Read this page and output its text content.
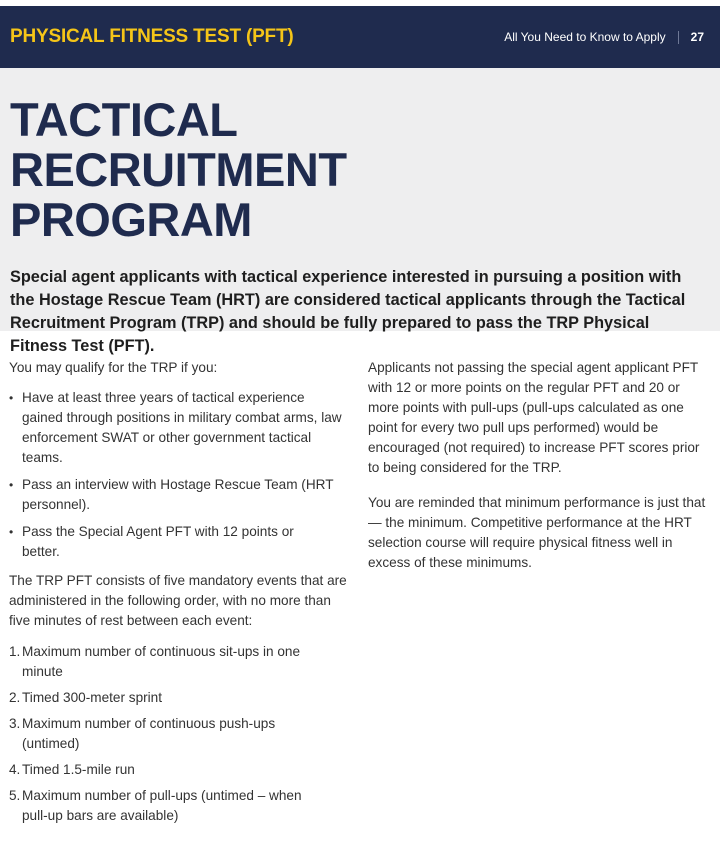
PHYSICAL FITNESS TEST (PFT)	All You Need to Know to Apply 27
TACTICAL RECRUITMENT PROGRAM

Special agent applicants with tactical experience interested in pursuing a position with the Hostage Rescue Team (HRT) are considered tactical applicants through the Tactical Recruitment Program (TRP) and should be fully prepared to pass the TRP Physical Fitness Test (PFT).

You may qualify for the TRP if you:

• Have at least three years of tactical experience gained through positions in military combat arms, law enforcement SWAT or other government tactical teams.
• Pass an interview with Hostage Rescue Team (HRT personnel).
• Pass the Special Agent PFT with 12 points or better.

The TRP PFT consists of five mandatory events that are administered in the following order, with no more than five minutes of rest between each event:

1. Maximum number of continuous sit-ups in one minute
2. Timed 300-meter sprint
3. Maximum number of continuous push-ups (untimed)
4. Timed 1.5-mile run
5. Maximum number of pull-ups (untimed – when pull-up bars are available)

Applicants not passing the special agent applicant PFT with 12 or more points on the regular PFT and 20 or more points with pull-ups (pull-ups calculated as one point for every two pull ups performed) would be encouraged (not required) to increase PFT scores prior to being considered for the TRP.

You are reminded that minimum performance is just that — the minimum. Competitive performance at the HRT selection course will require physical fitness well in excess of these minimums.
